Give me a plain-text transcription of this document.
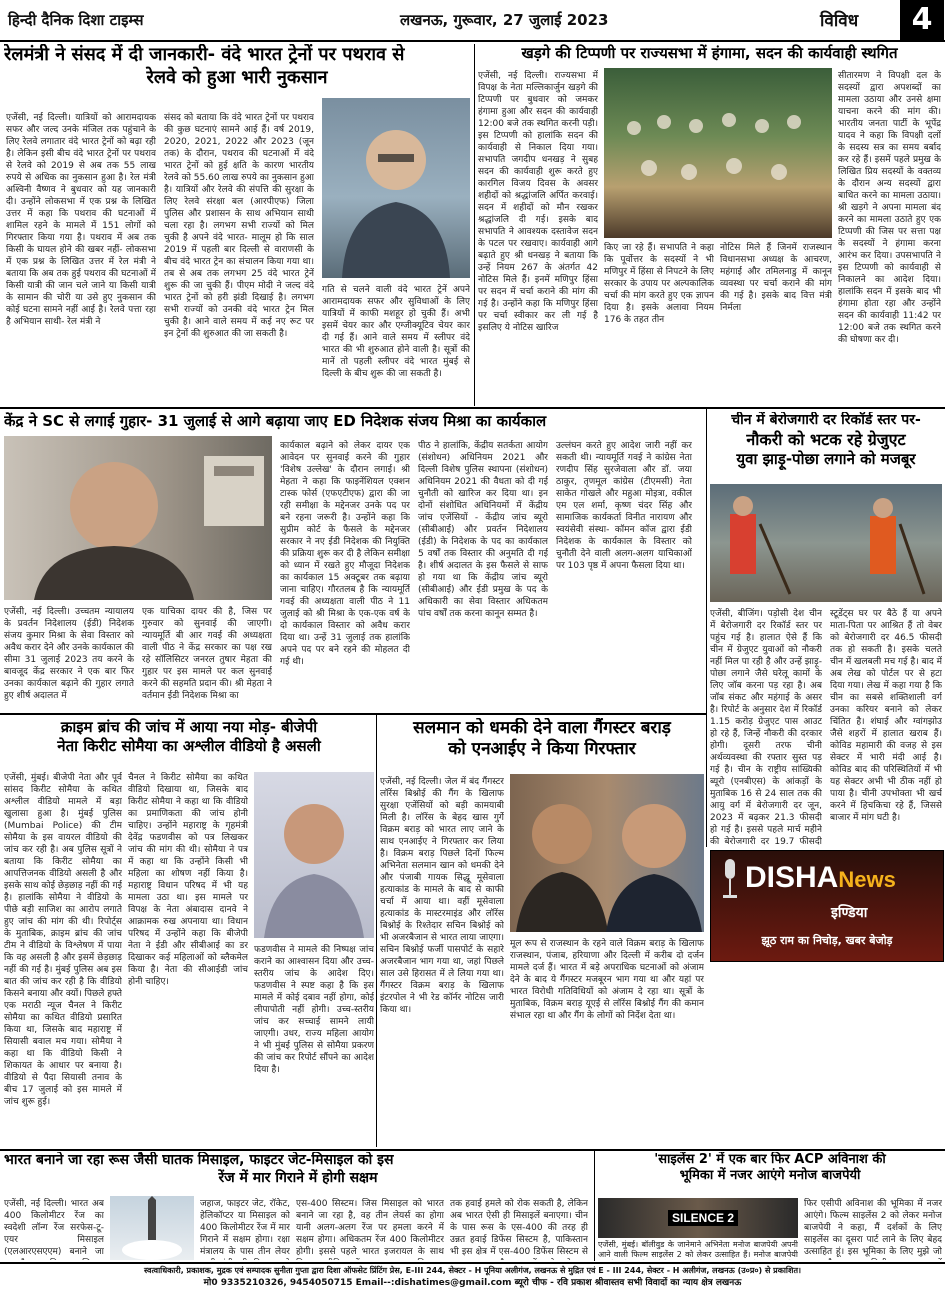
हिन्दी दैनिक दिशा टाइम्स	लखनऊ, गुरूवार, 27 जुलाई 2023	विविध	4
रेलमंत्री ने संसद में दी जानकारी- वंदे भारत ट्रेनों पर पथराव से
रेलवे को हुआ भारी नुकसान
एजेंसी, नई दिल्ली। यात्रियों को आरामदायक सफर और जल्द उनके मंजिल तक पहुंचाने के लिए रेलवे लगातार वंदे भारत ट्रेनों को बढ़ा रही है। लेकिन इसी बीच वंदे भारत ट्रेनों पर पथराव से रेलवे को 2019 से अब तक 55 लाख रुपये से अधिक का नुकसान हुआ है। रेल मंत्री अश्विनी वैष्णव ने बुधवार को यह जानकारी दी। उन्होंने लोकसभा में एक प्रश्न के लिखित उत्तर में कहा कि पथराव की घटनाओं में शामिल रहने के मामले में 151 लोगों को गिरफ्तार किया गया है। पथराव में अब तक किसी के घायल होने की खबर नहीं- लोकसभा में एक प्रश्न के लिखित उत्तर में रेल मंत्री ने बताया कि अब तक हुई पथराव की घटनाओं में किसी यात्री की जान चले जाने या किसी यात्री के सामान की चोरी या उसे हुए नुकसान की कोई घटना सामने नहीं आई है। रेलवे पत्ता रहा है अभियान साथी- रेल मंत्री ने
संसद को बताया कि वंदे भारत ट्रेनों पर पथराव की कुछ घटनाएं सामने आई हैं। वर्ष 2019, 2020, 2021, 2022 और 2023 (जून तक) के दौरान, पथराव की घटनाओं में वंदे भारत ट्रेनों को हुई क्षति के कारण भारतीय रेलवे को 55.60 लाख रुपये का नुकसान हुआ है। यात्रियों और रेलवे की संपत्ति की सुरक्षा के लिए रेलवे संरक्षा बल (आरपीएफ) जिला पुलिस और प्रशासन के साथ अभियान साथी चला रहा है। लगभग सभी राज्यों को मिल चुकी है अपने वंदे भारत- मालूम हो कि साल 2019 में पहली बार दिल्ली से वाराणसी के बीच वंदे भारत ट्रेन का संचालन किया गया था। तब से अब तक लगभग 25 वंदे भारत ट्रेनें शुरू की जा चुकी हैं। पीएम मोदी ने जल्द वंदे भारत ट्रेनों को हरी झंडी दिखाई है। लगभग सभी राज्यों को उनकी वंदे भारत ट्रेन मिल चुकी है। आने वाले समय में कई नए रूट पर इन ट्रेनों की शुरुआत की जा सकती है।
गति से चलने वाली वंदे भारत ट्रेनें अपने आरामदायक सफर और सुविधाओं के लिए यात्रियों में काफी मशहूर हो चुकी हैं। अभी इसमें चेयर कार और एग्जीक्यूटिव चेयर कार दी गई हैं। आने वाले समय में स्लीपर वंदे भारत की भी शुरुआत होने वाली है। सूत्रों की मानें तो पहली स्लीपर वंदे भारत मुंबई से दिल्ली के बीच शुरू की जा सकती है।
खड़गे की टिप्पणी पर राज्यसभा में हंगामा, सदन की कार्यवाही स्थगित
एजेंसी, नई दिल्ली। राज्यसभा में विपक्ष के नेता मल्लिकार्जुन खड़गे की टिप्पणी पर बुधवार को जमकर हंगामा हुआ और सदन की कार्यवाही 12:00 बजे तक स्थगित करनी पड़ी। इस टिप्पणी को हालांकि सदन की कार्यवाही से निकाल दिया गया। सभापति जगदीप धनखड़ ने सुबह सदन की कार्यवाही शुरू करते हुए कारगिल विजय दिवस के अवसर शहीदों को श्रद्धांजलि अर्पित करवाई। सदन में शहीदों को मौन रखकर श्रद्धांजलि दी गई। इसके बाद सभापति ने आवश्यक दस्तावेज सदन के पटल पर रखवाए। कार्यवाही आगे बढ़ाते हुए श्री धनखड़ ने बताया कि उन्हें नियम 267 के अंतर्गत 42 नोटिस मिले हैं। इनमें मणिपुर हिंसा पर सदन में चर्चा कराने की मांग की गई है। उन्होंने कहा कि मणिपुर हिंसा पर चर्चा स्वीकार कर ली गई है इसलिए ये नोटिस खारिज
किए जा रहे हैं। सभापति ने कहा कि पूर्वोत्तर के सदस्यों ने भी मणिपुर में हिंसा से निपटने के लिए सरकार के उपाय पर अल्पकालिक चर्चा की मांग करते हुए एक ज्ञापन दिया है। इसके अलावा नियम 176 के तहत तीन
नोटिस मिले हैं जिनमें राजस्थान विधानसभा अध्यक्ष के आचरण, महंगाई और तमिलनाडु में कानून व्यवस्था पर चर्चा कराने की मांग की गई है। इसके बाद वित्त मंत्री निर्मला
सीतारमण ने विपक्षी दल के सदस्यों द्वारा अपशब्दों का मामला उठाया और उनसे क्षमा याचना करने की मांग की। भारतीय जनता पार्टी के भूपेंद्र यादव ने कहा कि विपक्षी दलों के सदस्य सत्र का समय बर्बाद कर रहे हैं। इसमें पहले प्रमुख के लिखित प्रिय सदस्यों के वक्तव्य के दौरान अन्य सदस्यों द्वारा बाधित करने का मामला उठाया। श्री खड़गे ने अपना मामला बंद करने का मामला उठाते हुए एक टिप्पणी की जिस पर सत्ता पक्ष के सदस्यों ने हंगामा करना आरंभ कर दिया। उपसभापति ने इस टिप्पणी को कार्यवाही से निकालने का आदेश दिया। हालांकि सदन में इसके बाद भी हंगामा होता रहा और उन्होंने सदन की कार्यवाही 11:42 पर 12:00 बजे तक स्थगित करने की घोषणा कर दी।
केंद्र ने SC से लगाई गुहार- 31 जुलाई से आगे बढ़ाया जाए ED निदेशक संजय मिश्रा का कार्यकाल
एजेंसी, नई दिल्ली। उच्चतम न्यायालय के प्रवर्तन निदेशालय (ईडी) निदेशक संजय कुमार मिश्रा के सेवा विस्तार को अवैध करार देने और उनके कार्यकाल की सीमा 31 जुलाई 2023 तय करने के बावजूद केंद्र सरकार ने एक बार फिर उनका कार्यकाल बढ़ाने की गुहार लगाते हुए शीर्ष अदालत में
एक याचिका दायर की है, जिस पर गुरुवार को सुनवाई की जाएगी। न्यायमूर्ति बी आर गवई की अध्यक्षता वाली पीठ ने केंद्र सरकार का पक्ष रख रहे सॉलिसिटर जनरल तुषार मेहता की गुहार पर इस मामले पर कल सुनवाई करने की सहमति प्रदान की। श्री मेहता ने वर्तमान ईडी निदेशक मिश्रा का
कार्यकाल बढ़ाने को लेकर दायर एक आवेदन पर सुनवाई करने की गुहार 'विशेष उल्लेख' के दौरान लगाई। श्री मेहता ने कहा कि फाइनेंशियल एक्शन टास्क फोर्स (एफएटीएफ) द्वारा की जा रही समीक्षा के मद्देनजर उनके पद पर बने रहना जरूरी है। उन्होंने कहा कि सुप्रीम कोर्ट के फैसले के मद्देनजर सरकार ने नए ईडी निदेशक की नियुक्ति की प्रक्रिया शुरू कर दी है लेकिन समीक्षा को ध्यान में रखते हुए मौजूदा निदेशक का कार्यकाल 15 अक्टूबर तक बढ़ाया जाना चाहिए। गौरतलब है कि न्यायमूर्ति गवई की अध्यक्षता वाली पीठ ने 11 जुलाई को श्री मिश्रा के एक-एक वर्ष के दो कार्यकाल विस्तार को अवैध करार दिया था। उन्हें 31 जुलाई तक हालांकि अपने पद पर बने रहने की मोहलत दी गई थी।
पीठ ने हालांकि, केंद्रीय सतर्कता आयोग (संशोधन) अधिनियम 2021 और दिल्ली विशेष पुलिस स्थापना (संशोधन) अधिनियम 2021 की वैधता को दी गई चुनौती को खारिज कर दिया था। इन दोनों संशोधित अधिनियमों में केंद्रीय जांच एजेंसियों - केंद्रीय जांच ब्यूरो (सीबीआई) और प्रवर्तन निदेशालय (ईडी) के निदेशक के पद का कार्यकाल 5 वर्षों तक विस्तार की अनुमति दी गई है। शीर्ष अदालत के इस फैसले से साफ हो गया था कि केंद्रीय जांच ब्यूरो (सीबीआई) और ईडी प्रमुख के पद के अधिकारी का सेवा विस्तार अधिकतम पांच वर्षों तक करना कानून सम्मत है।
उल्लंघन करते हुए आदेश जारी नहीं कर सकती थी। न्यायमूर्ति गवई ने कांग्रेस नेता रणदीप सिंह सुरजेवाला और डॉ. जया ठाकुर, तृणमूल कांग्रेस (टीएमसी) नेता साकेत गोखले और महुआ मोइत्रा, वकील एम एल शर्मा, कृष्ण चंदर सिंह और सामाजिक कार्यकर्ता विनीत नारायण और स्वयंसेवी संस्था- कॉमन कॉज द्वारा ईडी निदेशक के कार्यकाल के विस्तार को चुनौती देने वाली अलग-अलग याचिकाओं पर 103 पृष्ठ में अपना फैसला दिया था।
चीन में बेरोजगारी दर रिकॉर्ड स्तर पर-
नौकरी को भटक रहे ग्रेजुएट
युवा झाड़ू-पोछा लगाने को मजबूर
एजेंसी, बीजिंग। पड़ोसी देश चीन में बेरोजगारी दर रिकॉर्ड स्तर पर पहुंच गई है। हालात ऐसे हैं कि चीन में ग्रेजुएट युवाओं को नौकरी नहीं मिल पा रही है और उन्हें झाड़ू-पोछा लगाने जैसे घरेलू कामों के लिए जॉब करना पड़ रहा है। अब जॉब संकट और महंगाई के असर है। रिपोर्ट के अनुसार देश में रिकॉर्ड 1.15 करोड़ ग्रेजुएट पास आउट हो रहे हैं, जिन्हें नौकरी की दरकार होगी। दूसरी तरफ चीनी अर्थव्यवस्था की रफ्तार सुस्त पड़ गई है। चीन के राष्ट्रीय सांख्यिकी ब्यूरो (एनबीएस) के आंकड़ों के मुताबिक 16 से 24 साल तक की आयु वर्ग में बेरोजगारी दर जून, 2023 में बढ़कर 21.3 फीसदी हो गई है। इससे पहले मार्च महीने की बेरोजगारी दर 19.7 फीसदी
स्टूडेंट्स घर पर बैठे हैं या अपने माता-पिता पर आश्रित हैं तो वेबर को बेरोजगारी दर 46.5 फीसदी तक हो सकती है। इसके चलते चीन में खलबली मच गई है। बाद में अब लेख को पोर्टल पर से हटा दिया गया। लेख में कहा गया है कि चीन का सबसे शक्तिशाली वर्ग उनका करियर बनाने को लेकर चिंतित है। शंघाई और ग्वांगझोउ जैसे शहरों में हालात खराब हैं। कोविड महामारी की वजह से इस सेक्टर में भारी मंदी आई है। कोविड बाद की परिस्थितियों में भी यह सेक्टर अभी भी ठीक नहीं हो पाया है। चीनी उपभोक्ता भी खर्च करने में हिचकिचा रहे हैं, जिससे बाजार में मांग घटी है।
क्राइम ब्रांच की जांच में आया नया मोड़- बीजेपी
नेता किरीट सोमैया का अश्लील वीडियो है असली
एजेंसी, मुंबई। बीजेपी नेता और पूर्व सांसद किरीट सोमैया के कथित अश्लील वीडियो मामले में बड़ा खुलासा हुआ है। मुंबई पुलिस (Mumbai Police) की टीम सोमैया के इस वायरल वीडियो की जांच कर रही है। अब पुलिस सूत्रों ने बताया कि किरीट सोमैया का आपत्तिजनक वीडियो असली है और इसके साथ कोई छेड़छाड़ नहीं की गई है। हालांकि सोमैया ने वीडियो के पीछे बड़ी साजिश का आरोप लगाते हुए जांच की मांग की थी। रिपोर्ट्स के मुताबिक, क्राइम ब्रांच की जांच टीम ने वीडियो के विश्लेषण में पाया कि वह असली है और इसमें छेड़छाड़ नहीं की गई है। मुंबई पुलिस अब इस बात की जांच कर रही है कि वीडियो किसने बनाया और क्यों। पिछले हफ्ते एक मराठी न्यूज चैनल ने किरीट सोमैया का कथित वीडियो प्रसारित किया था, जिसके बाद महाराष्ट्र में सियासी बवाल मच गया। सोमैया ने कहा था कि वीडियो किसी ने शिकायत के आधार पर बनाया है। वीडियो से पैदा सियासी तनाव के बीच 17 जुलाई को इस मामले में जांच शुरू हुई।
चैनल ने किरीट सोमैया का कथित वीडियो दिखाया था, जिसके बाद किरीट सोमैया ने कहा था कि वीडियो का प्रमाणिकता की जांच होनी चाहिए। उन्होंने महाराष्ट्र के गृहमंत्री देवेंद्र फडणवीस को पत्र लिखकर जांच की मांग की थी। सोमैया ने पत्र में कहा था कि उन्होंने किसी भी महिला का शोषण नहीं किया है। महाराष्ट्र विधान परिषद में भी यह मामला उठा था। इस मामले पर विपक्ष के नेता अंबादास दानवे ने आक्रामक रुख अपनाया था। विधान परिषद में उन्होंने कहा कि बीजेपी नेता ने ईडी और सीबीआई का डर दिखाकर कई महिलाओं को ब्लैकमेल किया है। नेता की सीआईडी जांच होनी चाहिए।
फडणवीस ने मामले की निष्पक्ष जांच कराने का आश्वासन दिया और उच्च-स्तरीय जांच के आदेश दिए। फडणवीस ने स्पष्ट कहा है कि इस मामले में कोई दबाव नहीं होगा, कोई लीपापोती नहीं होगी। उच्च-स्तरीय जांच कर सच्चाई सामने लायी जाएगी। उधर, राज्य महिला आयोग ने भी मुंबई पुलिस से सोमैया प्रकरण की जांच कर रिपोर्ट सौंपने का आदेश दिया है।
सलमान को धमकी देने वाला गैंगस्टर बराड़
को एनआईए ने किया गिरफ्तार
एजेंसी, नई दिल्ली। जेल में बंद गैंगस्टर लॉरेंस बिश्नोई की गैंग के खिलाफ सुरक्षा एजेंसियों को बड़ी कामयाबी मिली है। लॉरेंस के बेहद खास गुर्गे विक्रम बराड़ को भारत लाए जाने के साथ एनआईए ने गिरफ्तार कर लिया है। विक्रम बराड़ पिछले दिनों फिल्म अभिनेता सलमान खान को धमकी देने और पंजाबी गायक सिद्धू मूसेवाला हत्याकांड के मामले के बाद से काफी चर्चा में आया था। वहीं मूसेवाला हत्याकांड के मास्टरमाइंड और लॉरेंस बिश्नोई के रिश्तेदार सचिन बिश्नोई को भी अजरबैजान से भारत लाया जाएगा। सचिन बिश्नोई फर्जी पासपोर्ट के सहारे अजरबैजान भाग गया था, जहां पिछले साल उसे हिरासत में ले लिया गया था। गैंगस्टर विक्रम बराड़ के खिलाफ इंटरपोल ने भी रेड कॉर्नर नोटिस जारी किया था।
मूल रूप से राजस्थान के रहने वाले विक्रम बराड़ के खिलाफ राजस्थान, पंजाब, हरियाणा और दिल्ली में करीब दो दर्जन मामले दर्ज हैं। भारत में बड़े अपराधिक घटनाओं को अंजाम देने के बाद ये गैंगस्टर मजबूरन भाग गया था और यहां पर भारत विरोधी गतिविधियों को अंजाम दे रहा था। सूत्रों के मुताबिक, विक्रम बराड़ यूएई से लॉरेंस बिश्नोई गैंग की कमान संभाल रहा था और गैंग के लोगों को निर्देश देता था।
DISHANews
इण्डिया
झूठ राम का निचोड़, खबर बेजोड़
भारत बनाने जा रहा रूस जैसी घातक मिसाइल, फाइटर जेट-मिसाइल को इस
रेंज में मार गिराने में होगी सक्षम
एजेंसी, नई दिल्ली। भारत अब 400 किलोमीटर रेंज का स्वदेशी लॉन्ग रेंज सरफेस-टू-एयर मिसाइल (एलआरएसएएम) बनाने जा
जहाज, फाइटर जेट, रॉकेट, हेलिकॉप्टर या मिसाइल को 400 किलोमीटर रेंज में मार गिराने में सक्षम होगा। रक्षा मंत्रालय के पास तीन लेयर
एस-400 सिस्टम। जिस मिसाइल को भारत बनाने जा रहा है, वह तीन लेयर्स का होगा यानी अलग-अलग रेंज पर हमला करने में सक्षम होगा। अधिकतम रेंज 400 किलोमीटर होगी। इससे पहले भारत इजरायल के साथ
तक हवाई हमले को रोक सकती है, लेकिन अब भारत ऐसी ही मिसाइलें बनाएगा। चीन के पास रूस के एस-400 की तरह ही उन्नत हवाई डिफेंस सिस्टम है, पाकिस्तान भी इस क्षेत्र में एस-400 डिफेंस सिस्टम से
'साइलेंस 2' में एक बार फिर ACP अविनाश की
भूमिका में नजर आएंगे मनोज बाजपेयी
SILENCE 2
एजेंसी, मुंबई। बॉलीवुड के जानेमाने अभिनेता मनोज बाजपेयी अपनी आने वाली फिल्म साइलेंस 2 को लेकर उत्साहित हैं। मनोज बाजपेयी
फिर एसीपी अविनाश की भूमिका में नजर आएंगे। फिल्म साइलेंस 2 को लेकर मनोज बाजपेयी ने कहा, मैं दर्शकों के लिए साइलेंस का दूसरा पार्ट लाने के लिए बेहद उत्साहित हूं। इस भूमिका के लिए मुझे जो
स्वत्वाधिकारी, प्रकाशक, मुद्रक एवं सम्पादक सुनीता गुप्ता द्वारा दिशा ऑफसेट प्रिंटिंग प्रेस, E-III 244, सेक्टर - H पूनिया अलीगंज, लखनऊ से मुद्रित एवं E - III 244, सेक्टर - H अलीगंज, लखनऊ (उ०प्र०) से प्रकाशित।
मो0 9335210326, 9454050715 Email--:dishatimes@gmail.com ब्यूरो चीफ - रवि प्रकाश श्रीवास्तव सभी विवादों का न्याय क्षेत्र लखनऊ
